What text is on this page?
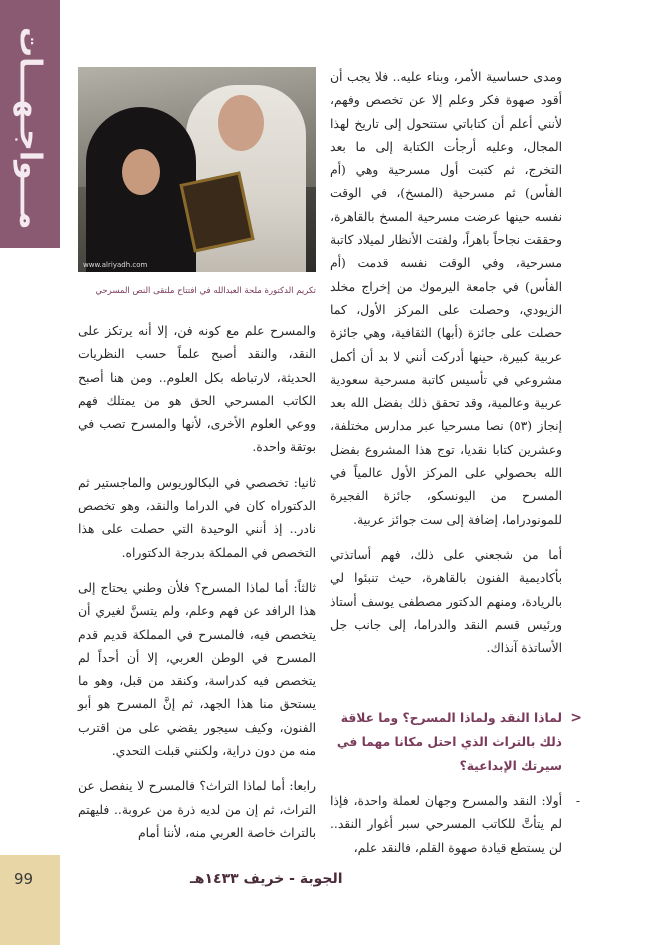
مـــواجـهـــات
www.alriyadh.com
تكريم الدكتورة ملحة العبدالله في افتتاح ملتقى النص المسرحي

ومدى حساسية الأمر، وبناء عليه.. فلا يجب أن أقود صهوة فكر وعلم إلا عن تخصص وفهم، لأنني أعلم أن كتاباتي ستتحول إلى تاريخ لهذا المجال، وعليه أرجأت الكتابة إلى ما بعد التخرج، ثم كتبت أول مسرحية وهي (أم الفأس) ثم مسرحية (المسخ)، في الوقت نفسه حينها عرضت مسرحية المسخ بالقاهرة، وحققت نجاحاً باهراً، ولفتت الأنظار لميلاد كاتبة مسرحية، وفي الوقت نفسه قدمت (أم الفأس) في جامعة اليرموك من إخراج مخلد الزيودي، وحصلت على المركز الأول، كما حصلت على جائزة (أبها) الثقافية، وهي جائزة عربية كبيرة، حينها أدركت أنني لا بد أن أكمل مشروعي في تأسيس كاتبة مسرحية سعودية عربية وعالمية، وقد تحقق ذلك بفضل الله بعد إنجاز (٥٣) نصا مسرحيا عبر مدارس مختلفة، وعشرين كتابا نقديا، توج هذا المشروع بفضل الله بحصولي على المركز الأول عالمياً في المسرح من اليونسكو، جائزة الفجيرة للمونودراما، إضافة إلى ست جوائز عربية.

أما من شجعني على ذلك، فهم أساتذتي بأكاديمية الفنون بالقاهرة، حيث تنبئوا لي بالريادة، ومنهم الدكتور مصطفى يوسف أستاذ ورئيس قسم النقد والدراما، إلى جانب جل الأساتذة آنذاك.

<
لماذا النقد ولماذا المسرح؟ وما علاقة ذلك بالتراث الذي احتل مكانا مهما في سيرتك الإبداعية؟
-
أولا: النقد والمسرح وجهان لعملة واحدة، فإذا لم يتأتَّ للكاتب المسرحي سبر أغوار النقد.. لن يستطع قيادة صهوة القلم، فالنقد علم،

والمسرح علم مع كونه فن، إلا أنه يرتكز على النقد، والنقد أصبح علماً حسب النظريات الحديثة، لارتباطه بكل العلوم.. ومن هنا أصبح الكاتب المسرحي الحق هو من يمتلك فهم ووعي العلوم الأخرى، لأنها والمسرح تصب في بوتقة واحدة.

ثانيا: تخصصي في البكالوريوس والماجستير ثم الدكتوراه كان في الدراما والنقد، وهو تخصص نادر.. إذ أنني الوحيدة التي حصلت على هذا التخصص في المملكة بدرجة الدكتوراه.

ثالثاً: أما لماذا المسرح؟ فلأن وطني يحتاج إلى هذا الرافد عن فهم وعلم، ولم يتسنَّ لغيري أن يتخصص فيه، فالمسرح في المملكة قديم قدم المسرح في الوطن العربي، إلا أن أحداً لم يتخصص فيه كدراسة، وكنقد من قبل، وهو ما يستحق منا هذا الجهد، ثم إنَّ المسرح هو أبو الفنون، وكيف سيجور يقضي على من اقترب منه من دون دراية، ولكنني قبلت التحدي.

رابعا: أما لماذا التراث؟ فالمسرح لا ينفصل عن التراث، ثم إن من لديه ذرة من عروبة.. فليهتم بالتراث خاصة العربي منه، لأننا أمام

99	الجوبة - خريف ١٤٣٣هـ
